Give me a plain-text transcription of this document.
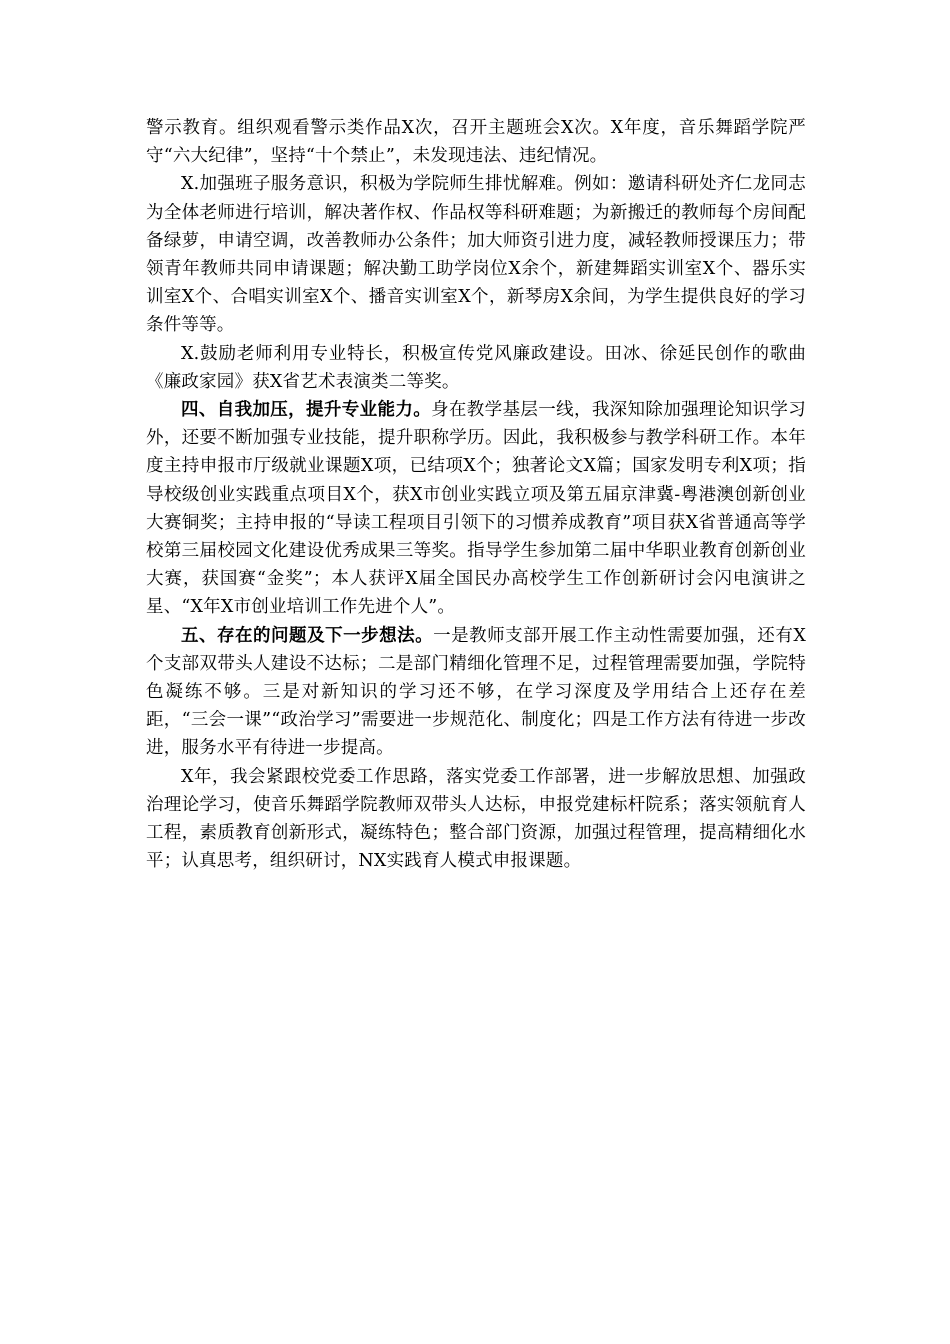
警示教育。组织观看警示类作品X次，召开主题班会X次。X年度，音乐舞蹈学院严守“六大纪律”，坚持“十个禁止”，未发现违法、违纪情况。

X.加强班子服务意识，积极为学院师生排忧解难。例如：邀请科研处齐仁龙同志为全体老师进行培训，解决著作权、作品权等科研难题；为新搬迁的教师每个房间配备绿萝，申请空调，改善教师办公条件；加大师资引进力度，减轻教师授课压力；带领青年教师共同申请课题；解决勤工助学岗位X余个，新建舞蹈实训室X个、器乐实训室X个、合唱实训室X个、播音实训室X个，新琴房X余间，为学生提供良好的学习条件等等。

X.鼓励老师利用专业特长，积极宣传党风廉政建设。田冰、徐延民创作的歌曲《廉政家园》获X省艺术表演类二等奖。

四、自我加压，提升专业能力。身在教学基层一线，我深知除加强理论知识学习外，还要不断加强专业技能，提升职称学历。因此，我积极参与教学科研工作。本年度主持申报市厅级就业课题X项，已结项X个；独著论文X篇；国家发明专利X项；指导校级创业实践重点项目X个，获X市创业实践立项及第五届京津冀-粤港澳创新创业大赛铜奖；主持申报的“导读工程项目引领下的习惯养成教育”项目获X省普通高等学校第三届校园文化建设优秀成果三等奖。指导学生参加第二届中华职业教育创新创业大赛，获国赛“金奖”；本人获评X届全国民办高校学生工作创新研讨会闪电演讲之星、“X年X市创业培训工作先进个人”。

五、存在的问题及下一步想法。一是教师支部开展工作主动性需要加强，还有X个支部双带头人建设不达标；二是部门精细化管理不足，过程管理需要加强，学院特色凝练不够。三是对新知识的学习还不够，在学习深度及学用结合上还存在差距，“三会一课”“政治学习”需要进一步规范化、制度化；四是工作方法有待进一步改进，服务水平有待进一步提高。

X年，我会紧跟校党委工作思路，落实党委工作部署，进一步解放思想、加强政治理论学习，使音乐舞蹈学院教师双带头人达标，申报党建标杆院系；落实领航育人工程，素质教育创新形式，凝练特色；整合部门资源，加强过程管理，提高精细化水平；认真思考，组织研讨，NX实践育人模式申报课题。
